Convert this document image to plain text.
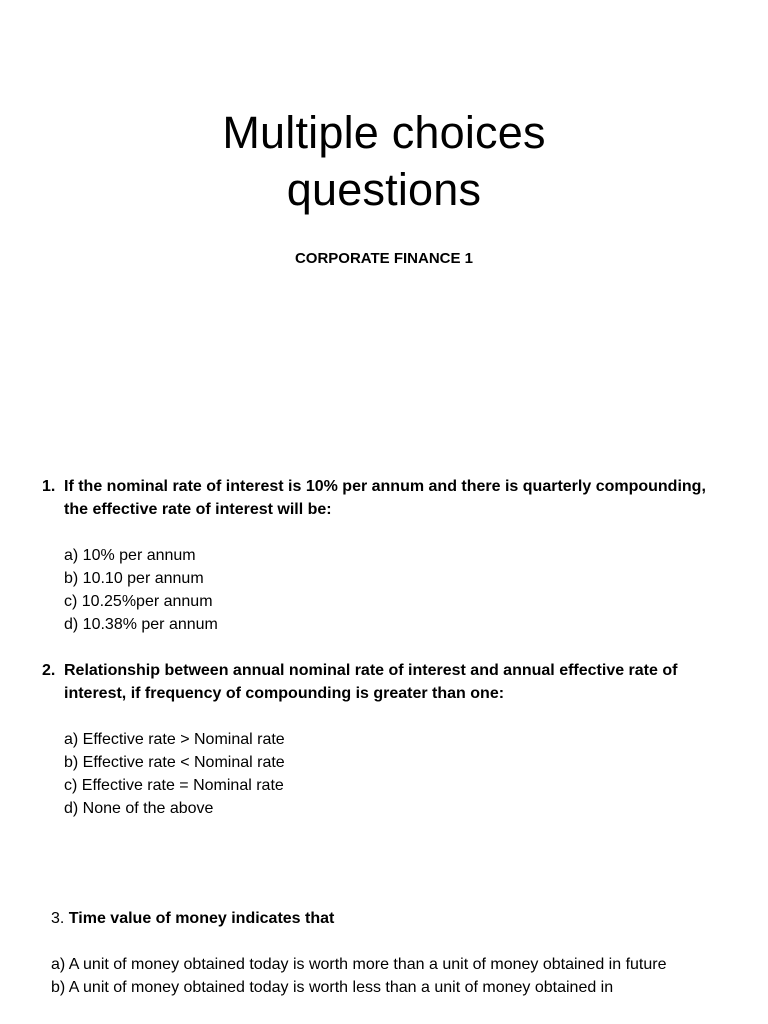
Multiple choices
questions
CORPORATE FINANCE 1
1. If the nominal rate of interest is 10% per annum and there is quarterly compounding, the effective rate of interest will be:
a) 10% per annum
b) 10.10 per annum
c) 10.25%per annum
d) 10.38% per annum
2. Relationship between annual nominal rate of interest and annual effective rate of interest, if frequency of compounding is greater than one:
a) Effective rate > Nominal rate
b) Effective rate < Nominal rate
c) Effective rate = Nominal rate
d) None of the above
3. Time value of money indicates that
a) A unit of money obtained today is worth more than a unit of money obtained in future
b) A unit of money obtained today is worth less than a unit of money obtained in
